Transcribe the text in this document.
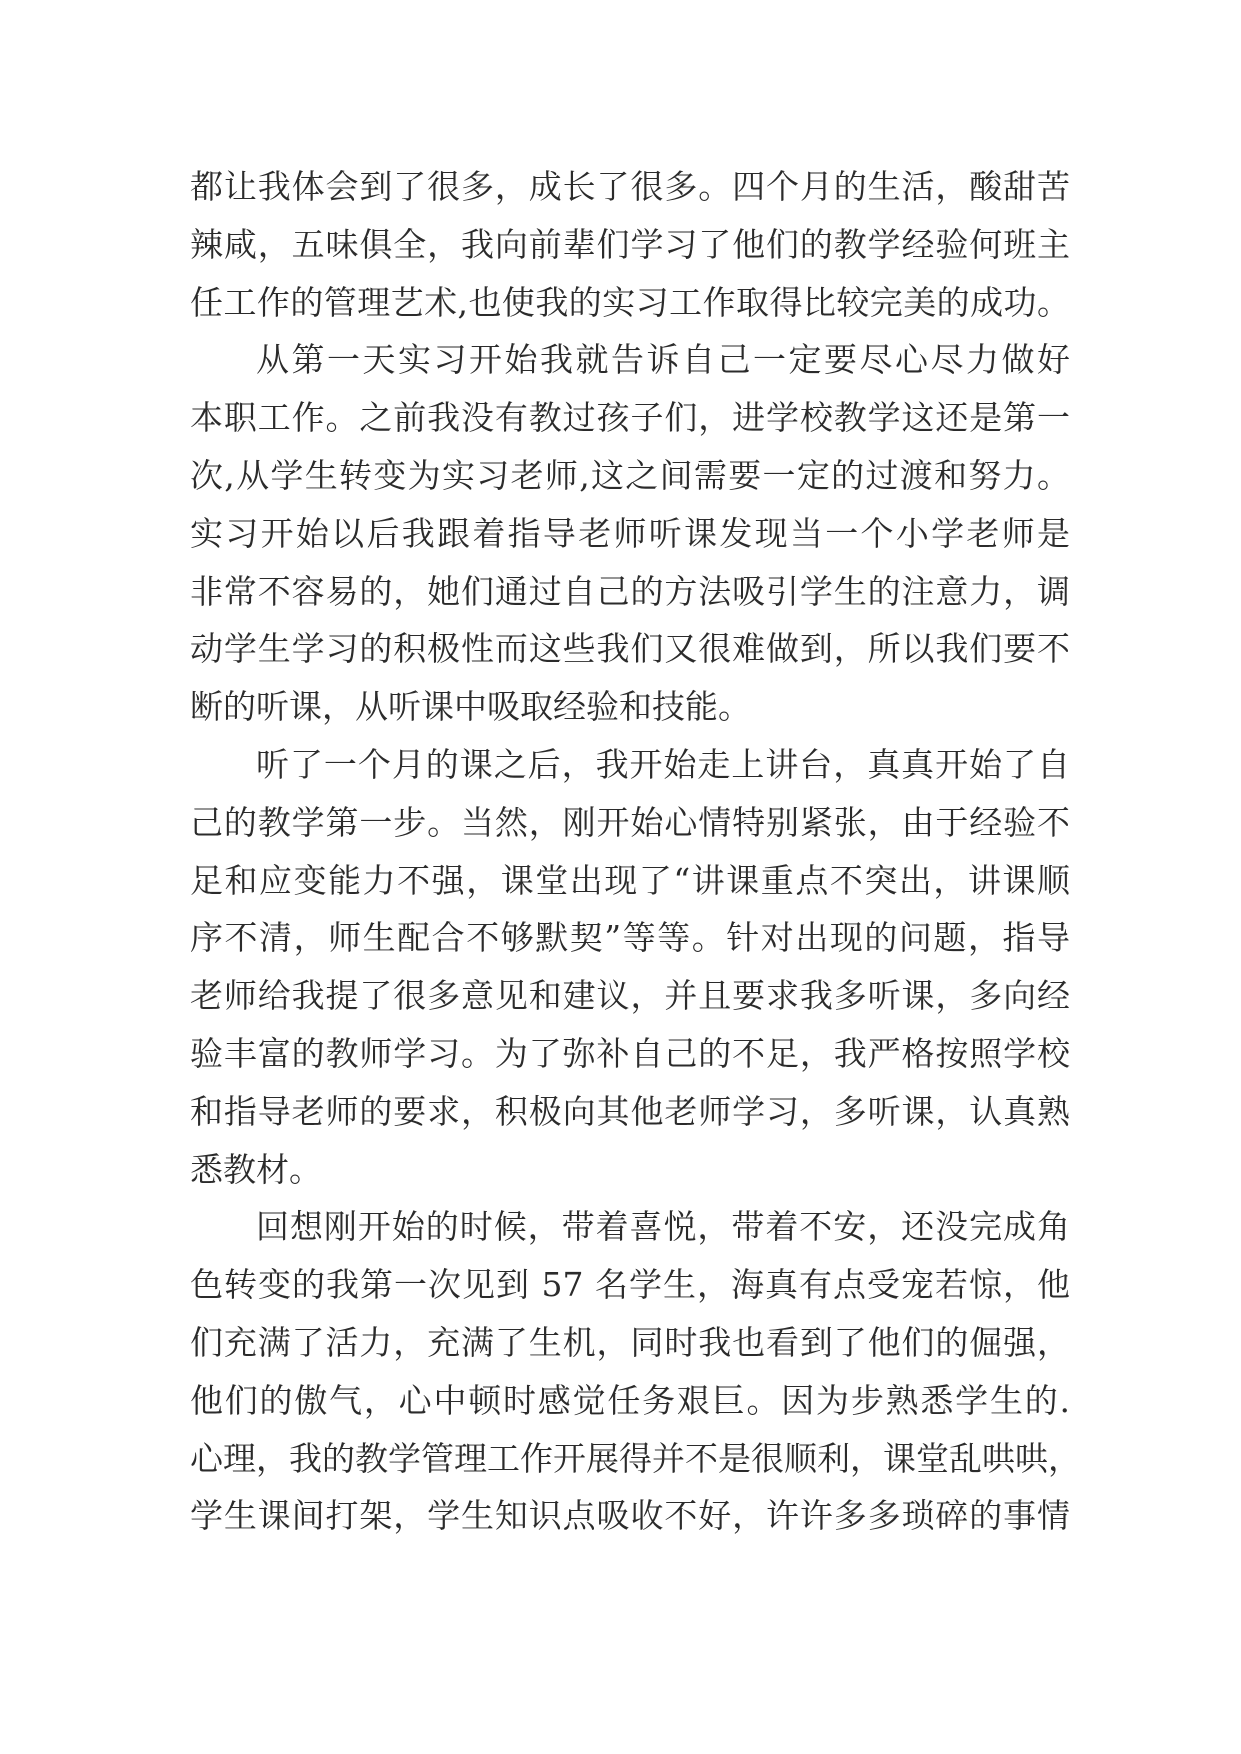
都让我体会到了很多，成长了很多。四个月的生活，酸甜苦
辣咸，五味俱全，我向前辈们学习了他们的教学经验何班主
任工作的管理艺术,也使我的实习工作取得比较完美的成功。
从第一天实习开始我就告诉自己一定要尽心尽力做好
本职工作。之前我没有教过孩子们，进学校教学这还是第一
次,从学生转变为实习老师,这之间需要一定的过渡和努力。
实习开始以后我跟着指导老师听课发现当一个小学老师是
非常不容易的，她们通过自己的方法吸引学生的注意力，调
动学生学习的积极性而这些我们又很难做到，所以我们要不
断的听课，从听课中吸取经验和技能。
听了一个月的课之后，我开始走上讲台，真真开始了自
己的教学第一步。当然，刚开始心情特别紧张，由于经验不
足和应变能力不强，课堂出现了“讲课重点不突出，讲课顺
序不清，师生配合不够默契”等等。针对出现的问题，指导
老师给我提了很多意见和建议，并且要求我多听课，多向经
验丰富的教师学习。为了弥补自己的不足，我严格按照学校
和指导老师的要求，积极向其他老师学习，多听课，认真熟
悉教材。
回想刚开始的时候，带着喜悦，带着不安，还没完成角
色转变的我第一次见到 57 名学生，海真有点受宠若惊，他
们充满了活力，充满了生机，同时我也看到了他们的倔强，
他们的傲气，心中顿时感觉任务艰巨。因为步熟悉学生的.
心理，我的教学管理工作开展得并不是很顺利，课堂乱哄哄，
学生课间打架，学生知识点吸收不好，许许多多琐碎的事情
